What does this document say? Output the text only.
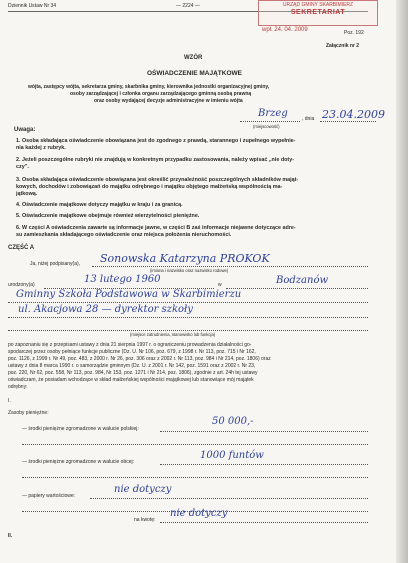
Dziennik Ustaw Nr 34	— 2224 —
Poz. 192
URZĄD GMINY SKARBIMIERZ
SEKRETARIAT
wpł. 24. 04. 2009
Załącznik nr 2
WZÓR
OŚWIADCZENIE MAJĄTKOWE
wójta, zastępcy wójta, sekretarza gminy, skarbnika gminy, kierownika jednostki organizacyjnej gminy,
osoby zarządzającej i członka organu zarządzającego gminną osobą prawną
oraz osoby wydającej decyzje administracyjne w imieniu wójta
Brzeg	, dnia 23.04.2009
(miejscowość)
Uwaga:
1. Osoba składająca oświadczenie obowiązana jest do zgodnego z prawdą, starannego i zupełnego wypełnie-
nia każdej z rubryk.
2. Jeżeli poszczególne rubryki nie znajdują w konkretnym przypadku zastosowania, należy wpisać „nie doty-
czy”.
3. Osoba składająca oświadczenie obowiązana jest określić przynależność poszczególnych składników mająt-
kowych, dochodów i zobowiązań do majątku odrębnego i majątku objętego małżeńską wspólnością ma-
jątkową.
4. Oświadczenie majątkowe dotyczy majątku w kraju i za granicą.
5. Oświadczenie majątkowe obejmuje również wierzytelności pieniężne.
6. W części A oświadczenia zawarte są informacje jawne, w części B zaś informacje niejawne dotyczące adre-
su zamieszkania składającego oświadczenie oraz miejsca położenia nieruchomości.
CZĘŚĆ A
Ja, niżej podpisany(a), Sonowska Katarzyna PROKOK
(imiona i nazwisko oraz nazwisko rodowe)
urodzony(a)	13 lutego 1960	w	Bodzanów
Gminny Szkoła Podstawowa w Skarbimierzu
ul. Akacjowa 28 — dyrektor szkoły
(miejsce zatrudnienia, stanowisko lub funkcja)
po zapoznaniu się z przepisami ustawy z dnia 21 sierpnia 1997 r. o ograniczeniu prowadzenia działalności go-
spodarczej przez osoby pełniące funkcje publiczne (Dz. U. Nr 106, poz. 679, z 1998 r. Nr 113, poz. 715 i Nr 162,
poz. 1126, z 1999 r. Nr 49, poz. 483, z 2000 r. Nr 26, poz. 306 oraz z 2002 r. Nr 113, poz. 984 i Nr 214, poz. 1806) oraz
ustawy z dnia 8 marca 1990 r. o samorządzie gminnym (Dz. U. z 2001 r. Nr 142, poz. 1591 oraz z 2002 r. Nr 23,
poz. 220, Nr 62, poz. 558, Nr 113, poz. 984, Nr 153, poz. 1271 i Nr 214, poz. 1806), zgodnie z art. 24h tej ustawy
oświadczam, że posiadam wchodzące w skład małżeńskiej wspólności majątkowej lub stanowiące mój majątek
odrębny:
I.
Zasoby pieniężne:
— środki pieniężne zgromadzone w walucie polskiej:
50 000,-
— środki pieniężne zgromadzone w walucie obcej:
1000 funtów
— papiery wartościowe:
nie dotyczy
na kwotę:
nie dotyczy
II.
